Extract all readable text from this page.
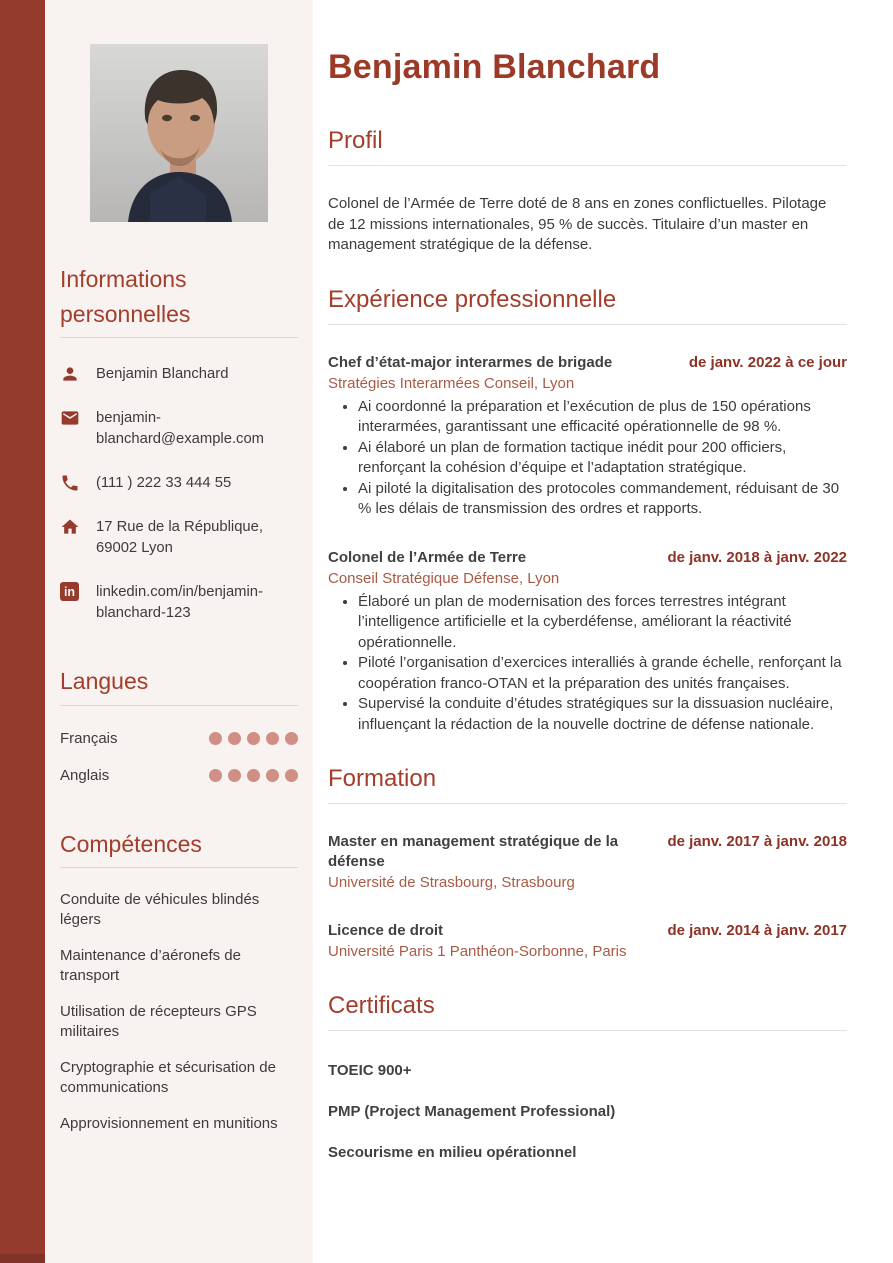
Informations personnelles
Benjamin Blanchard
benjamin-blanchard@example.com
(111 ) 222 33 444 55
17 Rue de la République, 69002 Lyon
in linkedin.com/in/benjamin-blanchard-123
Langues
Français
Anglais
Compétences
Conduite de véhicules blindés légers
Maintenance d’aéronefs de transport
Utilisation de récepteurs GPS militaires
Cryptographie et sécurisation de communications
Approvisionnement en munitions
Benjamin Blanchard
Profil

Colonel de l’Armée de Terre doté de 8 ans en zones conflictuelles. Pilotage de 12 missions internationales, 95 % de succès. Titulaire d’un master en management stratégique de la défense.

Expérience professionnelle
Chef d’état-major interarmes de brigade	de janv. 2022 à ce jour
Stratégies Interarmées Conseil, Lyon
• Ai coordonné la préparation et l’exécution de plus de 150 opérations interarmées, garantissant une efficacité opérationnelle de 98 %.
• Ai élaboré un plan de formation tactique inédit pour 200 officiers, renforçant la cohésion d’équipe et l’adaptation stratégique.
• Ai piloté la digitalisation des protocoles commandement, réduisant de 30 % les délais de transmission des ordres et rapports.
Colonel de l’Armée de Terre	de janv. 2018 à janv. 2022
Conseil Stratégique Défense, Lyon
• Élaboré un plan de modernisation des forces terrestres intégrant l’intelligence artificielle et la cyberdéfense, améliorant la réactivité opérationnelle.
• Piloté l’organisation d’exercices interalliés à grande échelle, renforçant la coopération franco-OTAN et la préparation des unités françaises.
• Supervisé la conduite d’études stratégiques sur la dissuasion nucléaire, influençant la rédaction de la nouvelle doctrine de défense nationale.
Formation
Master en management stratégique de la défense
de janv. 2017 à janv. 2018
Université de Strasbourg, Strasbourg
Licence de droit	de janv. 2014 à janv. 2017
Université Paris 1 Panthéon-Sorbonne, Paris
Certificats
TOEIC 900+
PMP (Project Management Professional)
Secourisme en milieu opérationnel
